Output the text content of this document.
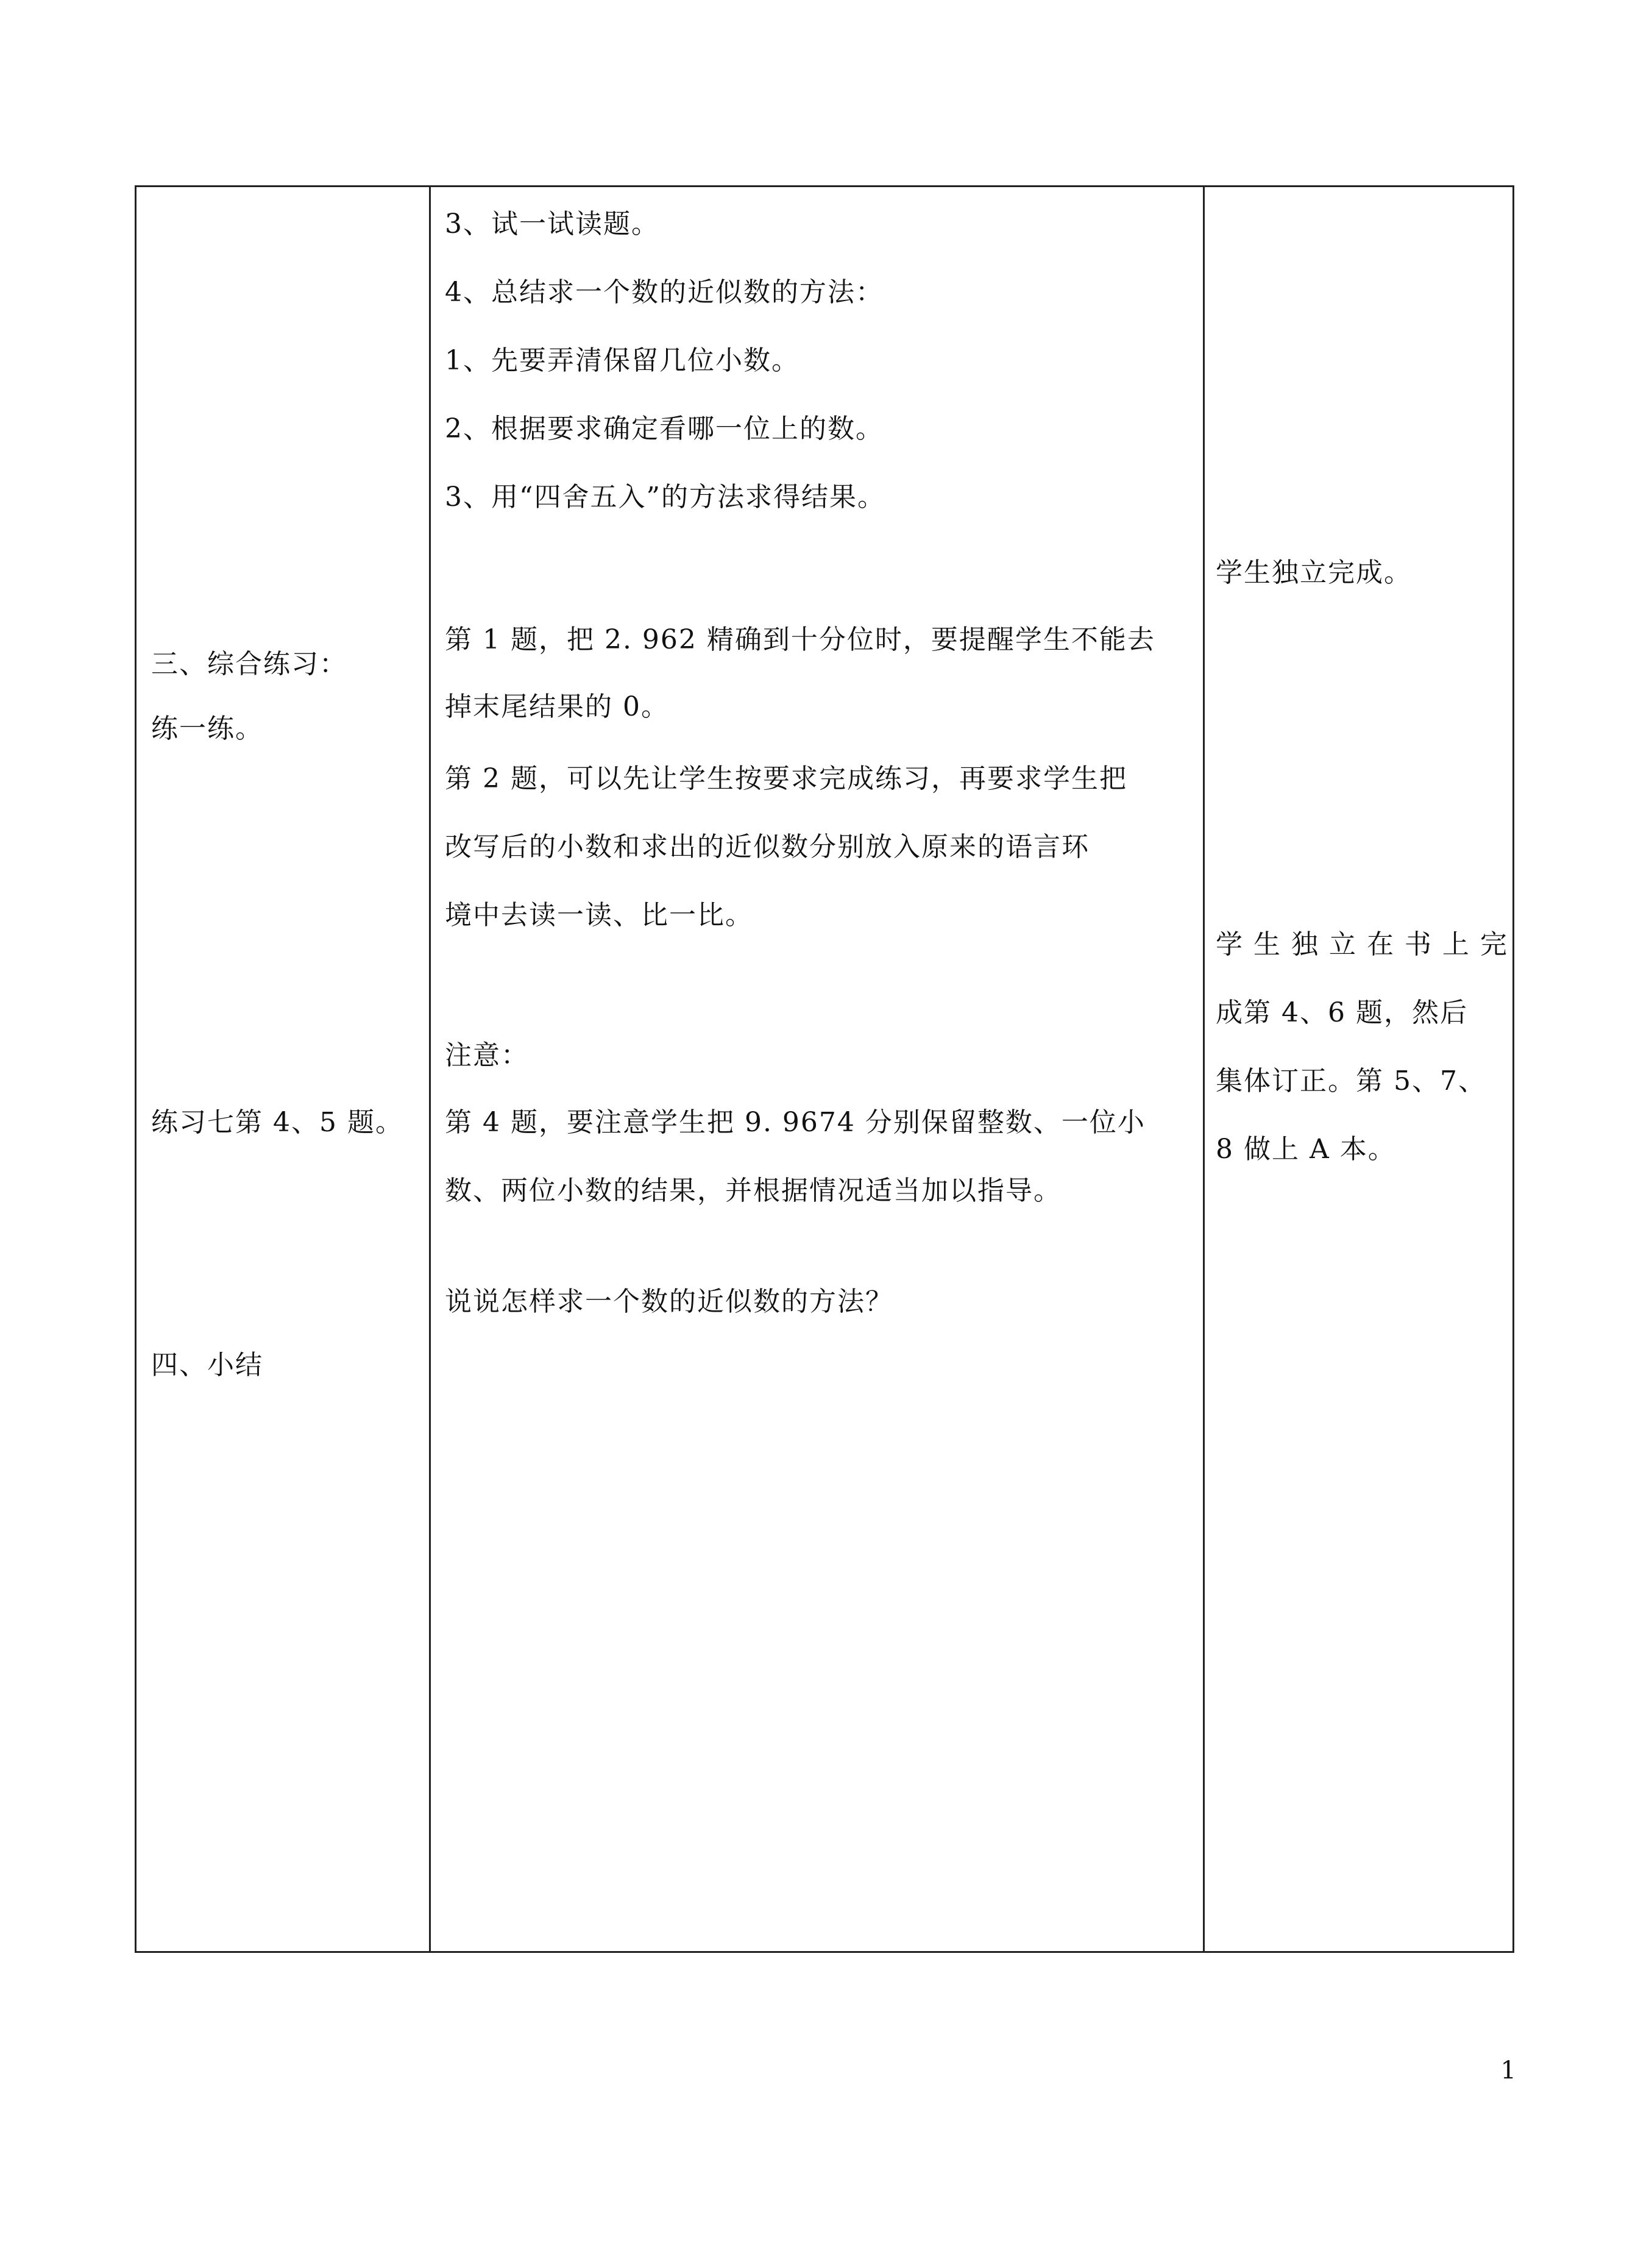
三、综合练习：
练一练。
练习七第 4、5 题。
四、小结
3、试一试读题。
4、总结求一个数的近似数的方法：
1、先要弄清保留几位小数。
2、根据要求确定看哪一位上的数。
3、用“四舍五入”的方法求得结果。
第 1 题，把 2. 962 精确到十分位时，要提醒学生不能去
掉末尾结果的 0。
第 2 题，可以先让学生按要求完成练习，再要求学生把
改写后的小数和求出的近似数分别放入原来的语言环
境中去读一读、比一比。
注意：
第 4 题，要注意学生把 9. 9674 分别保留整数、一位小
数、两位小数的结果，并根据情况适当加以指导。
说说怎样求一个数的近似数的方法？
学生独立完成。
学 生 独 立 在 书 上 完
成第 4、6 题，然后
集体订正。第 5、7、
8 做上 A 本。
1
